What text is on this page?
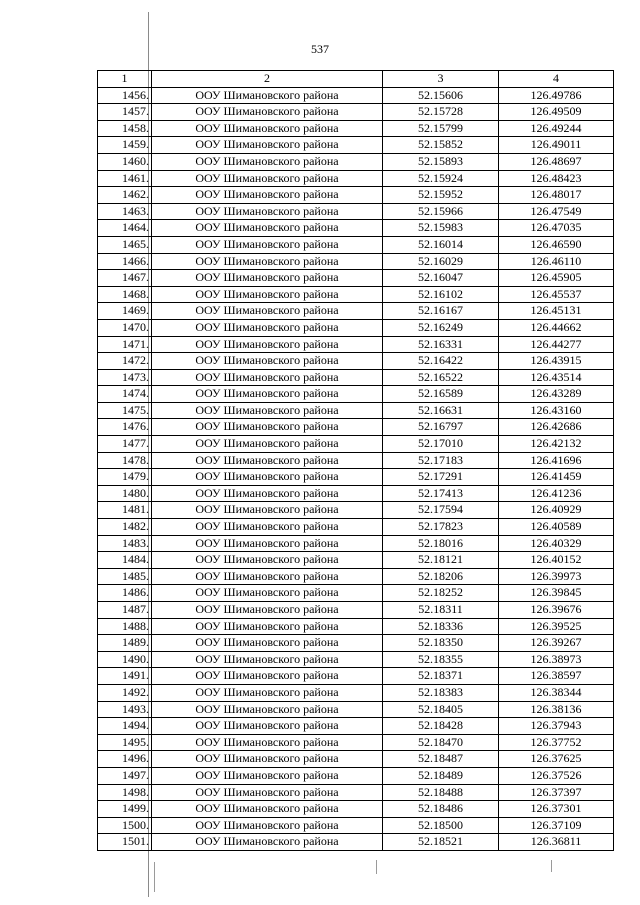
537
1	2	3	4
1456.	ООУ Шимановского района	52.15606	126.49786
1457.	ООУ Шимановского района	52.15728	126.49509
1458.	ООУ Шимановского района	52.15799	126.49244
1459.	ООУ Шимановского района	52.15852	126.49011
1460.	ООУ Шимановского района	52.15893	126.48697
1461.	ООУ Шимановского района	52.15924	126.48423
1462.	ООУ Шимановского района	52.15952	126.48017
1463.	ООУ Шимановского района	52.15966	126.47549
1464.	ООУ Шимановского района	52.15983	126.47035
1465.	ООУ Шимановского района	52.16014	126.46590
1466.	ООУ Шимановского района	52.16029	126.46110
1467.	ООУ Шимановского района	52.16047	126.45905
1468.	ООУ Шимановского района	52.16102	126.45537
1469.	ООУ Шимановского района	52.16167	126.45131
1470.	ООУ Шимановского района	52.16249	126.44662
1471.	ООУ Шимановского района	52.16331	126.44277
1472.	ООУ Шимановского района	52.16422	126.43915
1473.	ООУ Шимановского района	52.16522	126.43514
1474.	ООУ Шимановского района	52.16589	126.43289
1475.	ООУ Шимановского района	52.16631	126.43160
1476.	ООУ Шимановского района	52.16797	126.42686
1477.	ООУ Шимановского района	52.17010	126.42132
1478.	ООУ Шимановского района	52.17183	126.41696
1479.	ООУ Шимановского района	52.17291	126.41459
1480.	ООУ Шимановского района	52.17413	126.41236
1481.	ООУ Шимановского района	52.17594	126.40929
1482.	ООУ Шимановского района	52.17823	126.40589
1483.	ООУ Шимановского района	52.18016	126.40329
1484.	ООУ Шимановского района	52.18121	126.40152
1485.	ООУ Шимановского района	52.18206	126.39973
1486.	ООУ Шимановского района	52.18252	126.39845
1487.	ООУ Шимановского района	52.18311	126.39676
1488.	ООУ Шимановского района	52.18336	126.39525
1489.	ООУ Шимановского района	52.18350	126.39267
1490.	ООУ Шимановского района	52.18355	126.38973
1491.	ООУ Шимановского района	52.18371	126.38597
1492.	ООУ Шимановского района	52.18383	126.38344
1493.	ООУ Шимановского района	52.18405	126.38136
1494.	ООУ Шимановского района	52.18428	126.37943
1495.	ООУ Шимановского района	52.18470	126.37752
1496.	ООУ Шимановского района	52.18487	126.37625
1497.	ООУ Шимановского района	52.18489	126.37526
1498.	ООУ Шимановского района	52.18488	126.37397
1499.	ООУ Шимановского района	52.18486	126.37301
1500.	ООУ Шимановского района	52.18500	126.37109
1501.	ООУ Шимановского района	52.18521	126.36811
